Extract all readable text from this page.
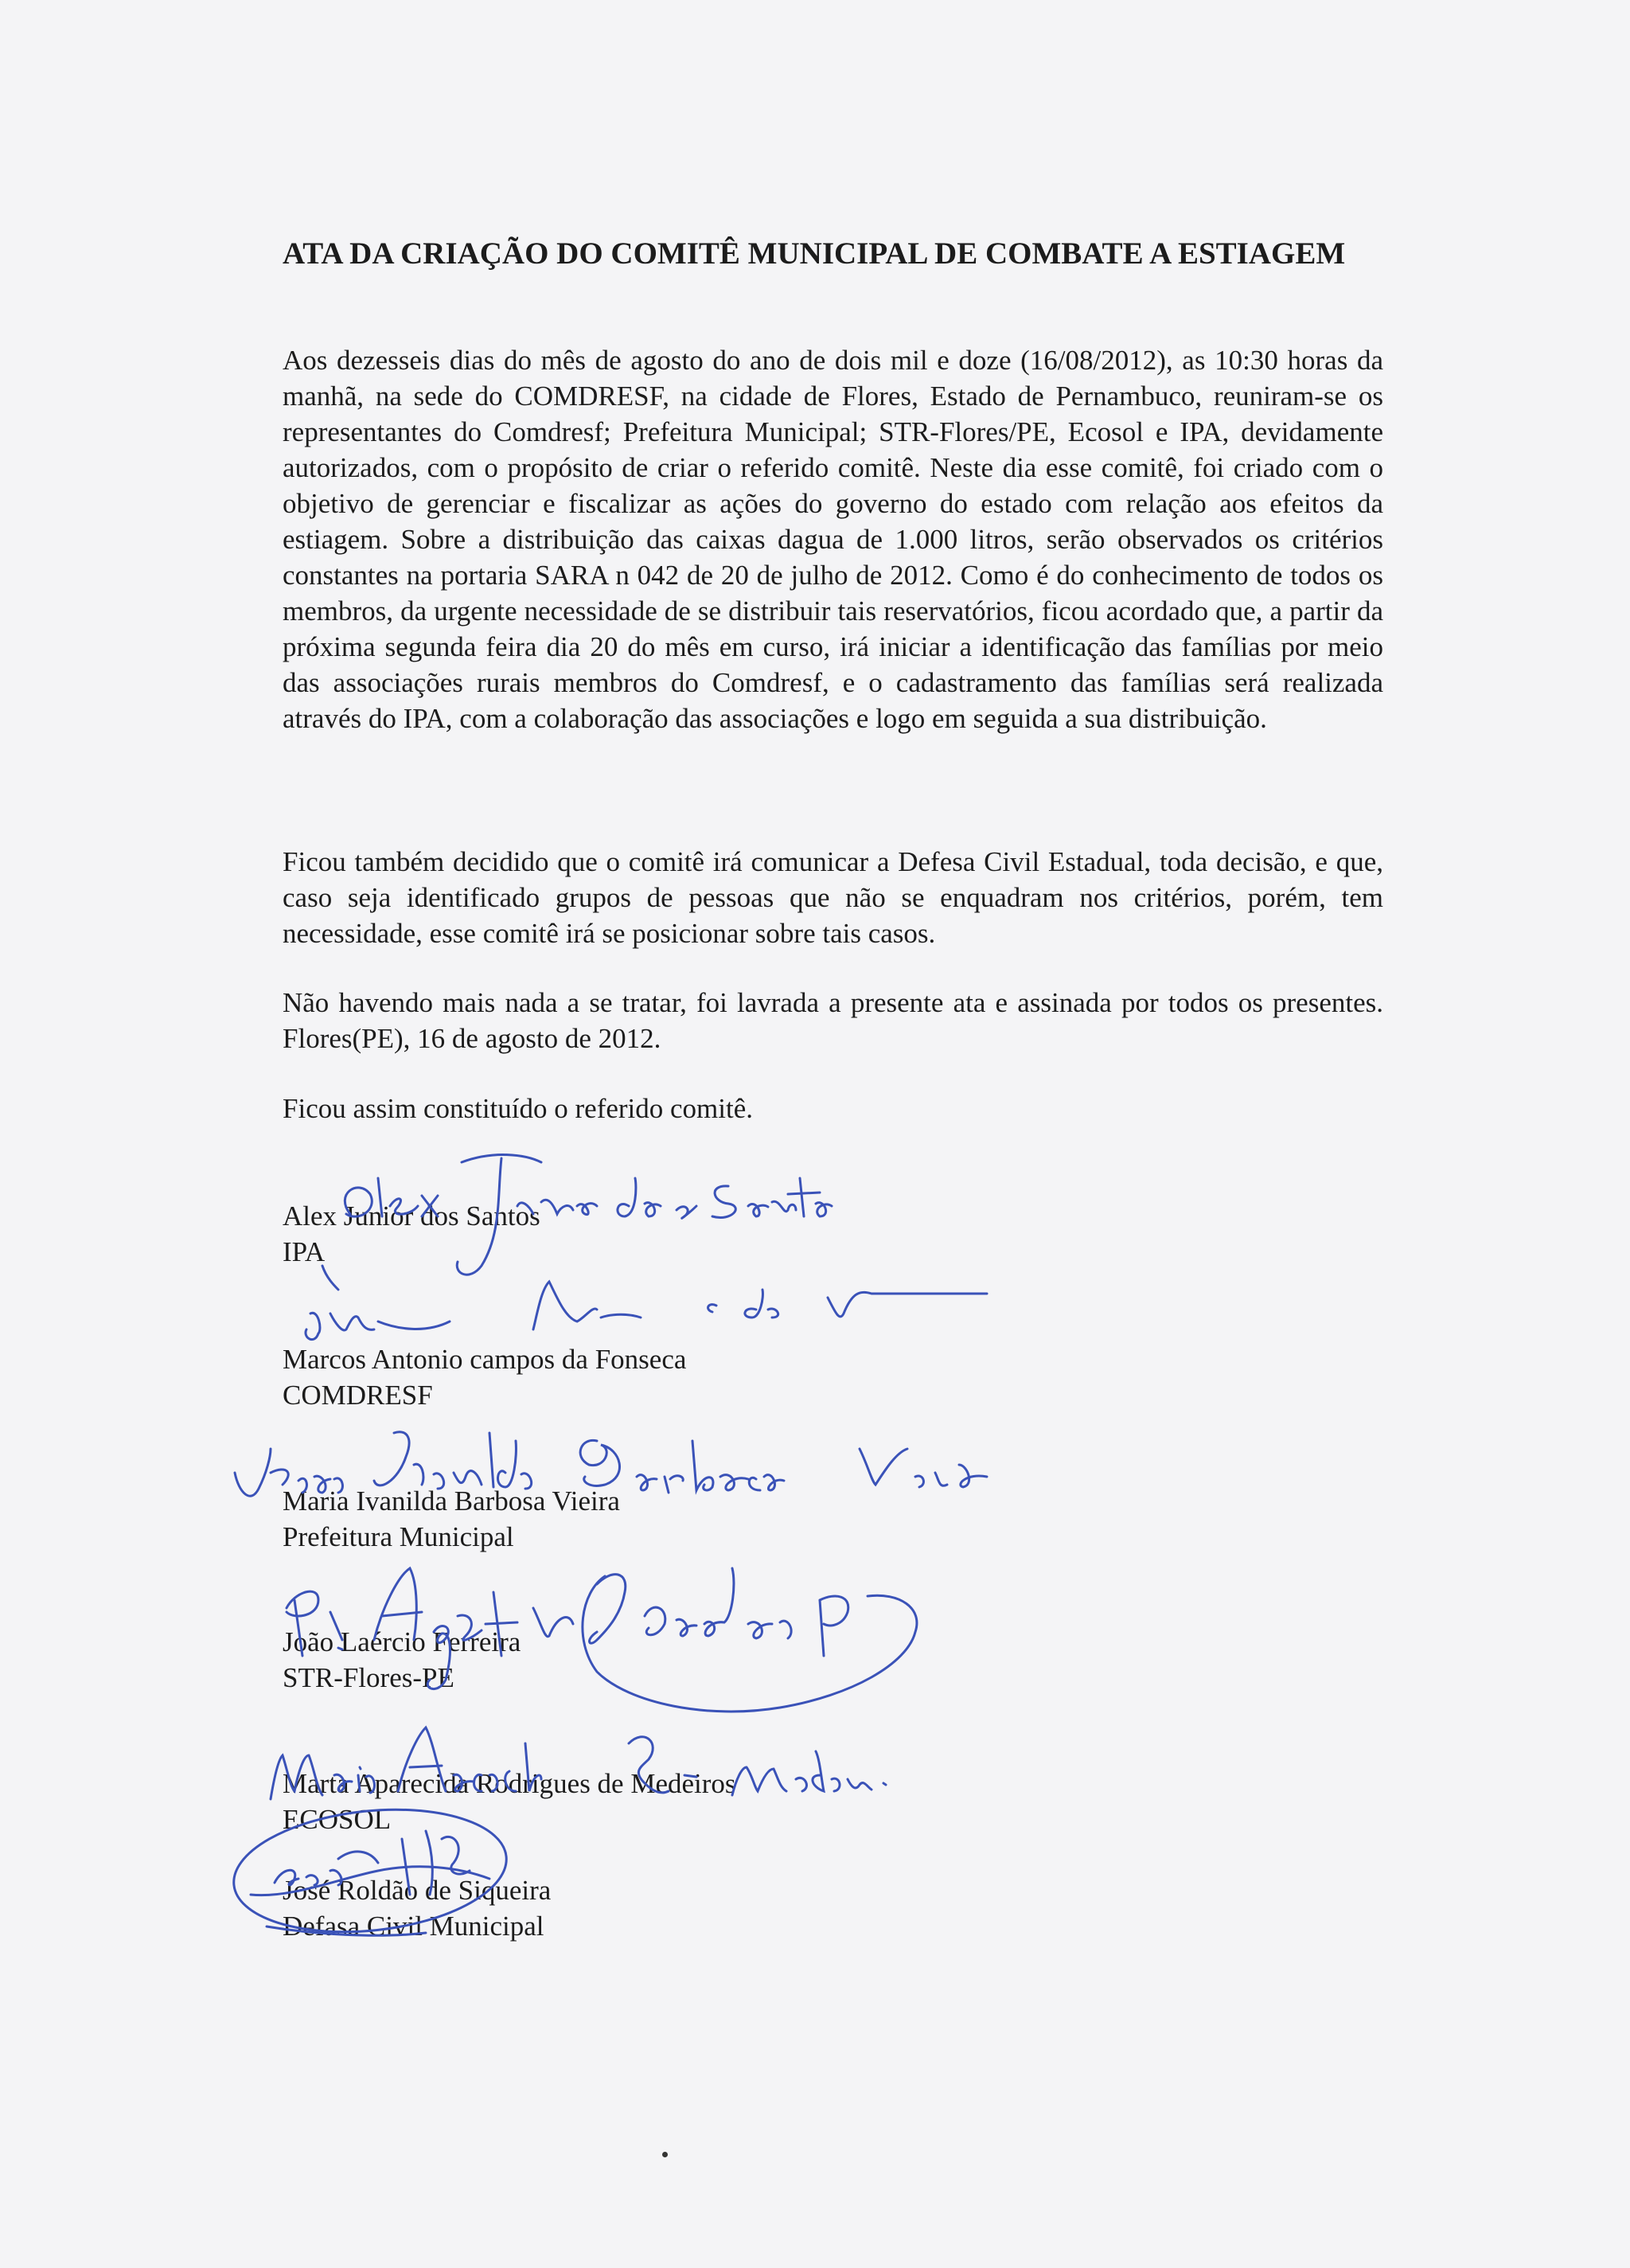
ATA DA CRIAÇÃO DO COMITÊ MUNICIPAL DE COMBATE A ESTIAGEM

Aos dezesseis dias do mês de agosto do ano de dois mil e doze (16/08/2012), as 10:30 horas da manhã, na sede do COMDRESF, na cidade de Flores, Estado de Pernambuco, reuniram-se os representantes do Comdresf; Prefeitura Municipal; STR-Flores/PE, Ecosol e IPA, devidamente autorizados, com o propósito de criar o referido comitê. Neste dia esse comitê, foi criado com o objetivo de gerenciar e fiscalizar as ações do governo do estado com relação aos efeitos da estiagem. Sobre a distribuição das caixas dagua de 1.000 litros, serão observados os critérios constantes na portaria SARA n 042 de 20 de julho de 2012. Como é do conhecimento de todos os membros, da urgente necessidade de se distribuir tais reservatórios, ficou acordado que, a partir da próxima segunda feira dia 20 do mês em curso, irá iniciar a identificação das famílias por meio das associações rurais membros do Comdresf, e o cadastramento das famílias será realizada através do IPA, com a colaboração das associações e logo em seguida a sua distribuição.

Ficou também decidido que o comitê irá comunicar a Defesa Civil Estadual, toda decisão, e que, caso seja identificado grupos de pessoas que não se enquadram nos critérios, porém, tem necessidade, esse comitê irá se posicionar sobre tais casos.

Não havendo mais nada a se tratar, foi lavrada a presente ata e assinada por todos os presentes. Flores(PE), 16 de agosto de 2012.

Ficou assim constituído o referido comitê.

Alex Junior dos Santos
IPA
Marcos Antonio campos da Fonseca
COMDRESF
Maria Ivanilda Barbosa Vieira
Prefeitura Municipal
João Laércio Ferreira
STR-Flores-PE
Marta Aparecida Rodrigues de Medeiros
ECOSOL
José Roldão de Siqueira
Defasa Civil Municipal
